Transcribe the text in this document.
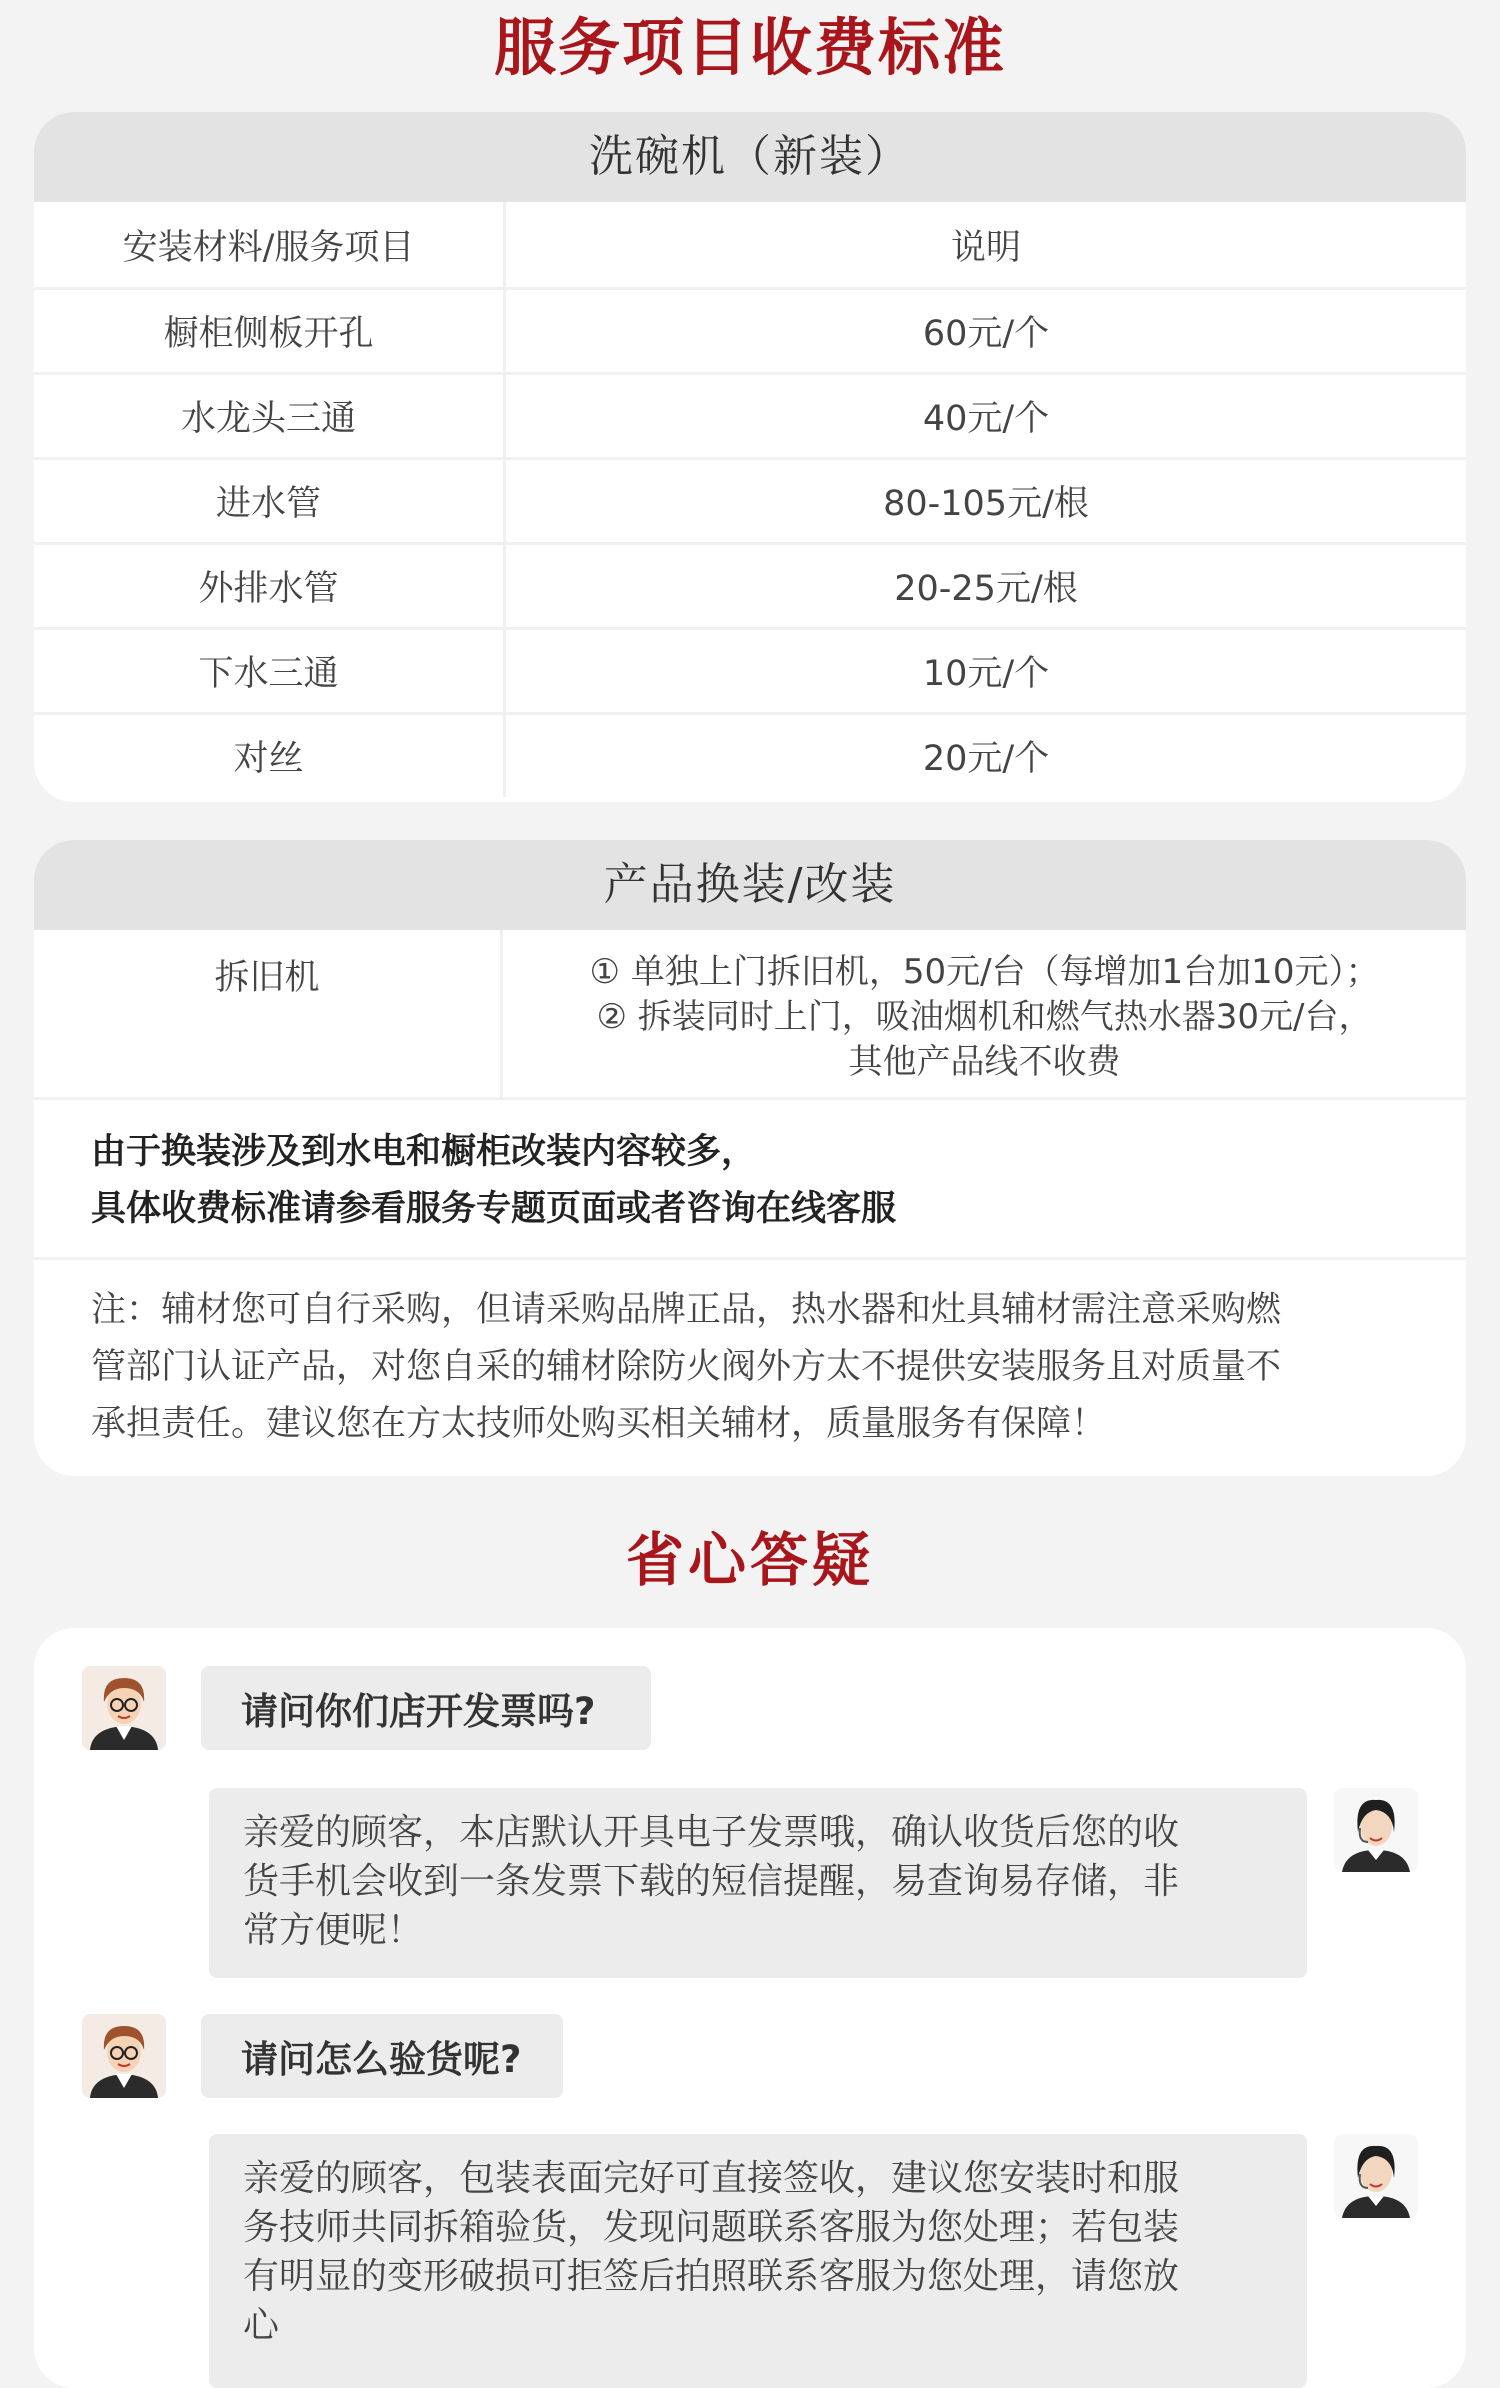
服务项目收费标准
洗碗机（新装）
安装材料/服务项目	说明
橱柜侧板开孔	60元/个
水龙头三通	40元/个
进水管	80-105元/根
外排水管	20-25元/根
下水三通	10元/个
对丝	20元/个
产品换装/改装
拆旧机	① 单独上门拆旧机，50元/台（每增加1台加10元）；
② 拆装同时上门，吸油烟机和燃气热水器30元/台，
其他产品线不收费
由于换装涉及到水电和橱柜改装内容较多，
具体收费标准请参看服务专题页面或者咨询在线客服
注：辅材您可自行采购，但请采购品牌正品，热水器和灶具辅材需注意采购燃
管部门认证产品，对您自采的辅材除防火阀外方太不提供安装服务且对质量不
承担责任。建议您在方太技师处购买相关辅材，质量服务有保障！
省心答疑
请问你们店开发票吗?
亲爱的顾客，本店默认开具电子发票哦，确认收货后您的收
货手机会收到一条发票下载的短信提醒，易查询易存储，非
常方便呢！
请问怎么验货呢?
亲爱的顾客，包装表面完好可直接签收，建议您安装时和服
务技师共同拆箱验货，发现问题联系客服为您处理；若包装
有明显的变形破损可拒签后拍照联系客服为您处理，请您放
心
